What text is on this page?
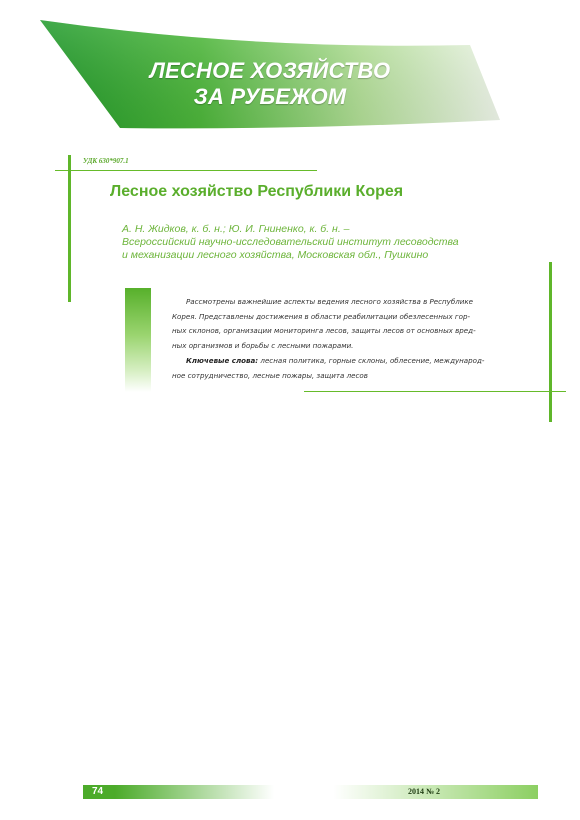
ЛЕСНОЕ ХОЗЯЙСТВО
ЗА РУБЕЖОМ
УДК 630*907.1
Лесное хозяйство Республики Корея
А. Н. Жидков, к. б. н.; Ю. И. Гниненко, к. б. н. –
Всероссийский научно-исследовательский институт лесоводства
и механизации лесного хозяйства, Московская обл., Пушкино
Рассмотрены важнейшие аспекты ведения лесного хозяйства в Республике
Корея. Представлены достижения в области реабилитации обезлесенных гор-
ных склонов, организации мониторинга лесов, защиты лесов от основных вред-
ных организмов и борьбы с лесными пожарами.
Ключевые слова: лесная политика, горные склоны, облесение, международ-
ное сотрудничество, лесные пожары, защита лесов
74	2014 № 2
